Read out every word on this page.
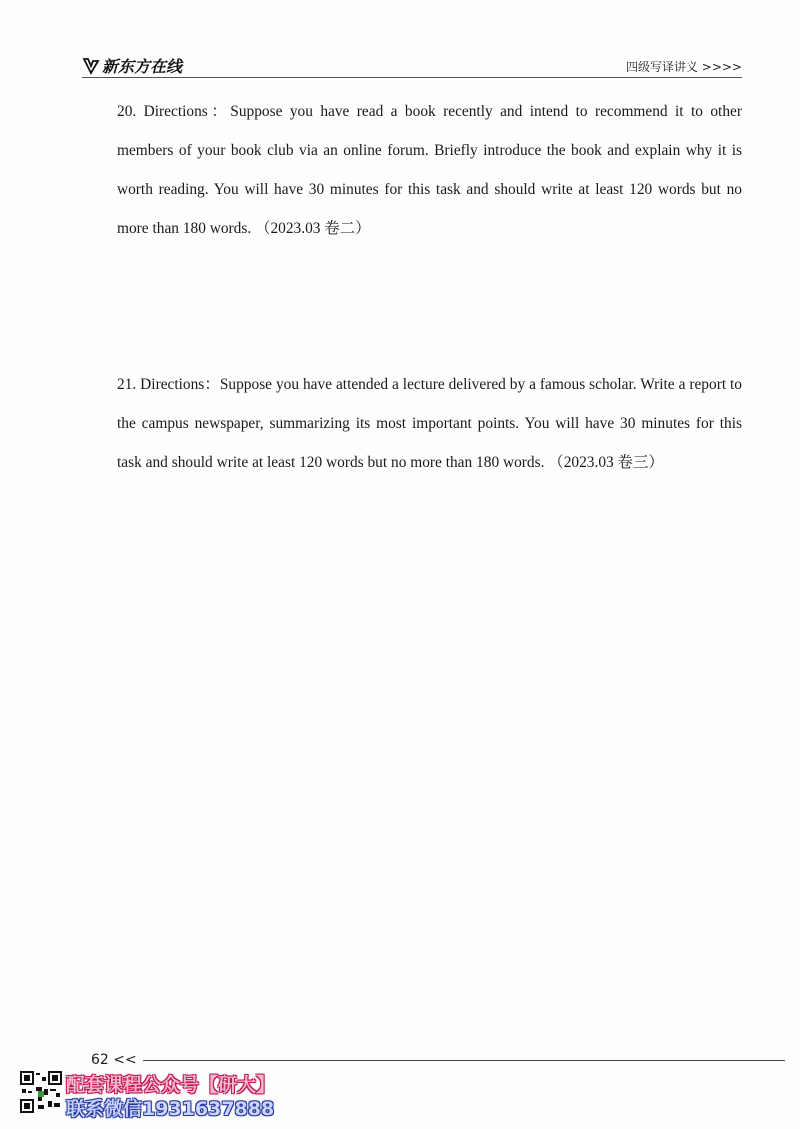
新东方在线	四级写译讲义 >>>>
20. Directions：Suppose you have read a book recently and intend to recommend it to other members of your book club via an online forum. Briefly introduce the book and explain why it is worth reading. You will have 30 minutes for this task and should write at least 120 words but no more than 180 words. （2023.03 卷二）
21. Directions：Suppose you have attended a lecture delivered by a famous scholar. Write a report to the campus newspaper, summarizing its most important points. You will have 30 minutes for this task and should write at least 120 words but no more than 180 words. （2023.03 卷三）
62 <<
配套课程公众号【研大】
联系微信1931637888
